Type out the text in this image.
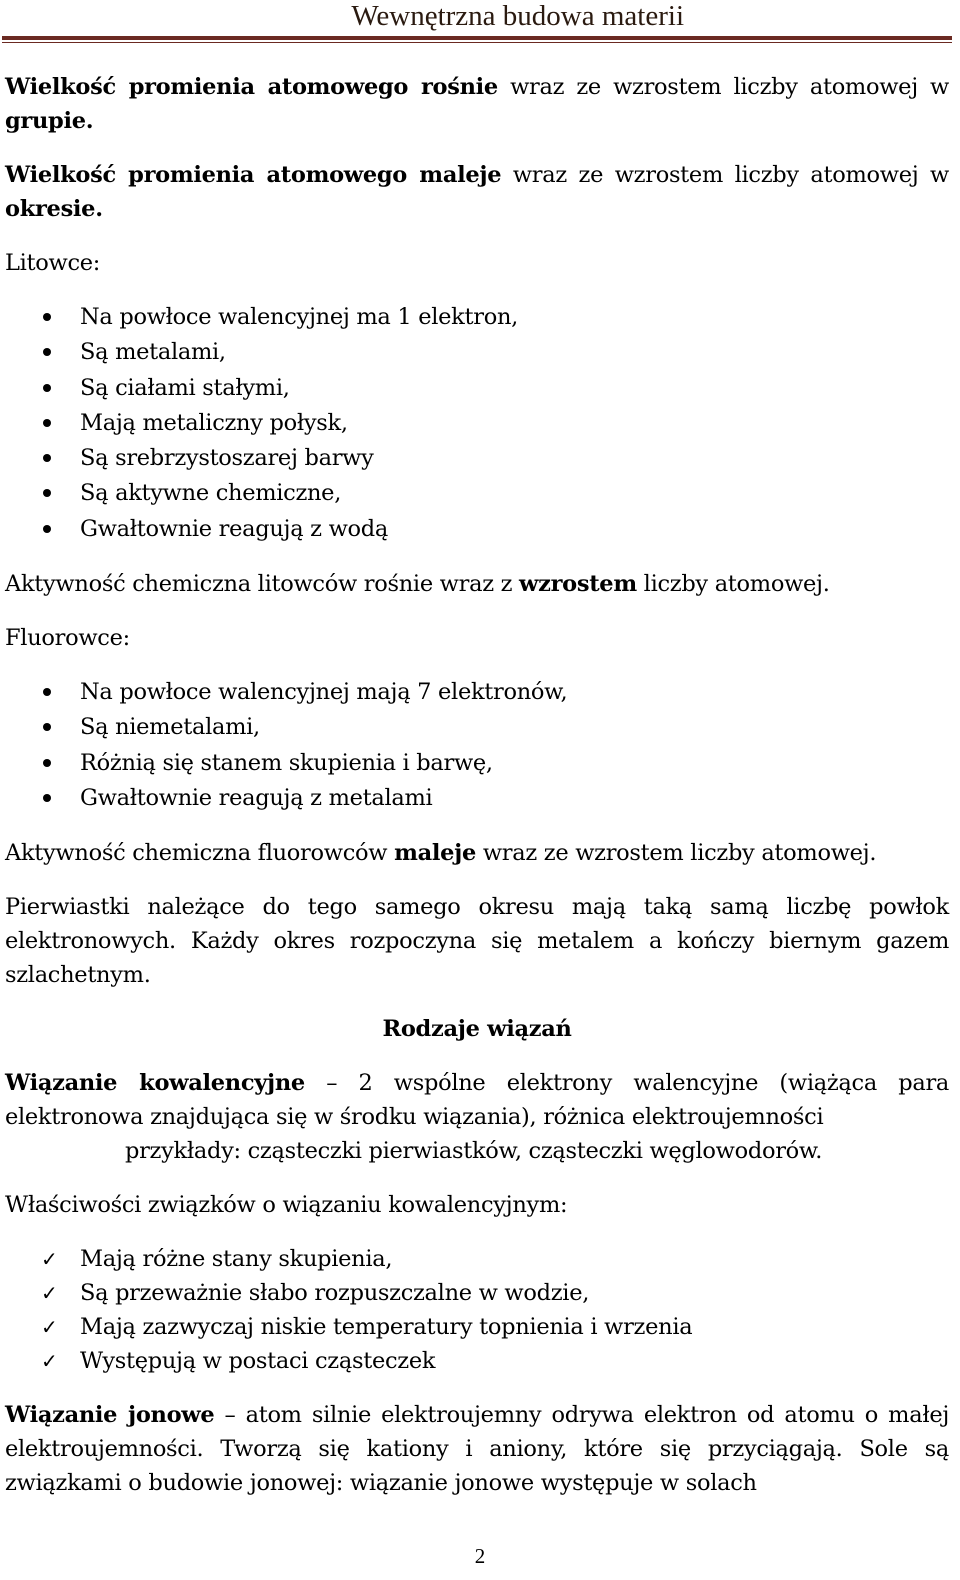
Wewnętrzna budowa materii

Wielkość promienia atomowego rośnie wraz ze wzrostem liczby atomowej w grupie.

Wielkość promienia atomowego maleje wraz ze wzrostem liczby atomowej w okresie.

Litowce:

Na powłoce walencyjnej ma 1 elektron,
Są metalami,
Są ciałami stałymi,
Mają metaliczny połysk,
Są srebrzystoszarej barwy
Są aktywne chemiczne,
Gwałtownie reagują z wodą

Aktywność chemiczna litowców rośnie wraz z wzrostem liczby atomowej.

Fluorowce:

Na powłoce walencyjnej mają 7 elektronów,
Są niemetalami,
Różnią się stanem skupienia i barwę,
Gwałtownie reagują z metalami

Aktywność chemiczna fluorowców maleje wraz ze wzrostem liczby atomowej.

Pierwiastki należące do tego samego okresu mają taką samą liczbę powłok elektronowych. Każdy okres rozpoczyna się metalem a kończy biernym gazem szlachetnym.

Rodzaje wiązań

Wiązanie kowalencyjne – 2 wspólne elektrony walencyjne (wiążąca para elektronowa znajdująca się w środku wiązania), różnica elektroujemności

przykłady: cząsteczki pierwiastków, cząsteczki węglowodorów.

Właściwości związków o wiązaniu kowalencyjnym:

✓ Mają różne stany skupienia,
✓ Są przeważnie słabo rozpuszczalne w wodzie,
✓ Mają zazwyczaj niskie temperatury topnienia i wrzenia
✓ Występują w postaci cząsteczek

Wiązanie jonowe – atom silnie elektroujemny odrywa elektron od atomu o małej elektroujemności. Tworzą się kationy i aniony, które się przyciągają. Sole są związkami o budowie jonowej: wiązanie jonowe występuje w solach

2
